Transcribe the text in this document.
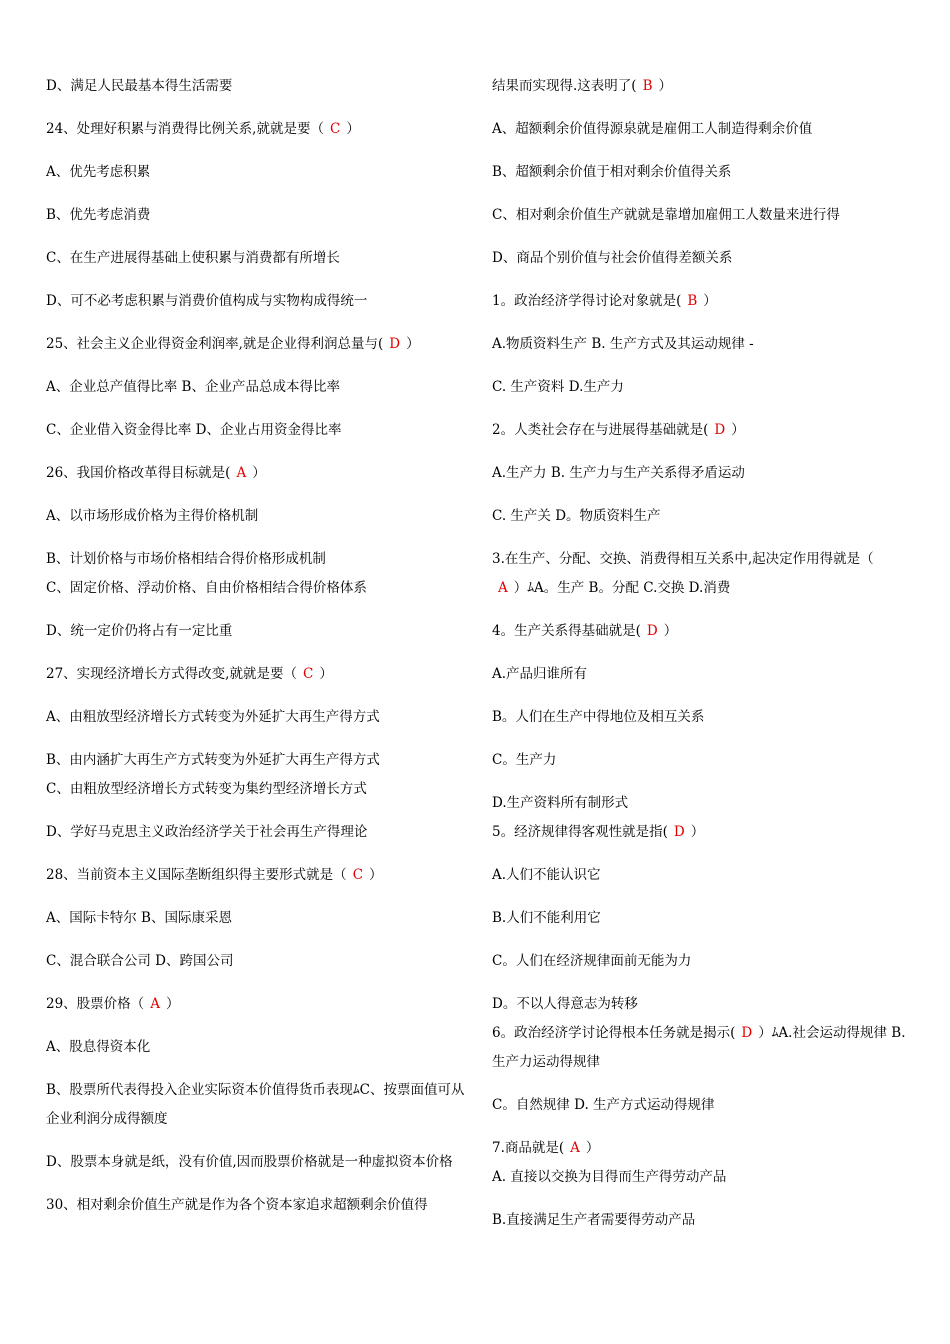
D、满足人民最基本得生活需要
24、处理好积累与消费得比例关系,就就是要（ C ）
A、优先考虑积累
B、优先考虑消费
C、在生产进展得基础上使积累与消费都有所增长
D、可不必考虑积累与消费价值构成与实物构成得统一
25、社会主义企业得资金利润率,就是企业得利润总量与( D ）
A、企业总产值得比率 B、企业产品总成本得比率
C、企业借入资金得比率 D、企业占用资金得比率
26、我国价格改革得目标就是( A ）
A、以市场形成价格为主得价格机制
B、计划价格与市场价格相结合得价格形成机制
C、固定价格、浮动价格、自由价格相结合得价格体系
D、统一定价仍将占有一定比重
27、实现经济增长方式得改变,就就是要（ C ）
A、由粗放型经济增长方式转变为外延扩大再生产得方式
B、由内涵扩大再生产方式转变为外延扩大再生产得方式
C、由粗放型经济增长方式转变为集约型经济增长方式
D、学好马克思主义政治经济学关于社会再生产得理论
28、当前资本主义国际垄断组织得主要形式就是（ C ）
A、国际卡特尔 B、国际康采恩
C、混合联合公司 D、跨国公司
29、股票价格（ A ）
A、股息得资本化
B、股票所代表得投入企业实际资本价值得货币表现ﾑC、按票面值可从企业利润分成得额度
D、股票本身就是纸，没有价值,因而股票价格就是一种虚拟资本价格
30、相对剩余价值生产就是作为各个资本家追求超额剩余价值得
结果而实现得.这表明了( B ）
A、超额剩余价值得源泉就是雇佣工人制造得剩余价值
B、超额剩余价值于相对剩余价值得关系
C、相对剩余价值生产就就是靠增加雇佣工人数量来进行得
D、商品个别价值与社会价值得差额关系
1。政治经济学得讨论对象就是( B ）
A.物质资料生产 B. 生产方式及其运动规律 -
C. 生产资料 D.生产力
2。人类社会存在与进展得基础就是( D ）
A.生产力 B. 生产力与生产关系得矛盾运动
C. 生产关 D。物质资料生产
3.在生产、分配、交换、消费得相互关系中,起决定作用得就是（
A ）ﾑA。生产 B。分配 C.交换 D.消费
4。生产关系得基础就是( D ）
A.产品归谁所有
B。人们在生产中得地位及相互关系
C。生产力
D.生产资料所有制形式
5。经济规律得客观性就是指( D ）
A.人们不能认识它
B.人们不能利用它
C。人们在经济规律面前无能为力
D。不以人得意志为转移
6。政治经济学讨论得根本任务就是揭示( D ）ﾑA.社会运动得规律 B.生产力运动得规律
C。自然规律 D. 生产方式运动得规律
7.商品就是( A ）
A. 直接以交换为目得而生产得劳动产品
B.直接满足生产者需要得劳动产品
